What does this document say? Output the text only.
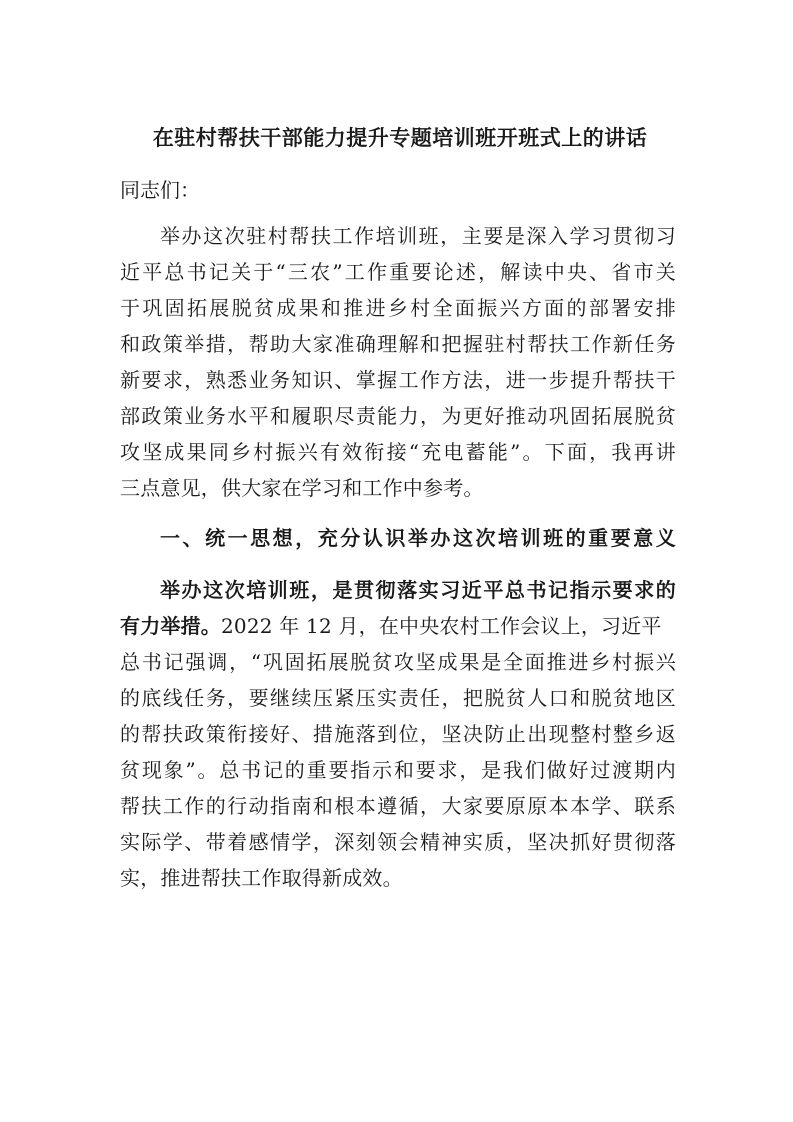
在驻村帮扶干部能力提升专题培训班开班式上的讲话
同志们：
举办这次驻村帮扶工作培训班，主要是深入学习贯彻习
近平总书记关于“三农”工作重要论述，解读中央、省市关
于巩固拓展脱贫成果和推进乡村全面振兴方面的部署安排
和政策举措，帮助大家准确理解和把握驻村帮扶工作新任务
新要求，熟悉业务知识、掌握工作方法，进一步提升帮扶干
部政策业务水平和履职尽责能力，为更好推动巩固拓展脱贫
攻坚成果同乡村振兴有效衔接“充电蓄能”。下面，我再讲
三点意见，供大家在学习和工作中参考。
一、统一思想，充分认识举办这次培训班的重要意义
举办这次培训班，是贯彻落实习近平总书记指示要求的
有力举措。2022 年 12 月，在中央农村工作会议上，习近平
总书记强调，“巩固拓展脱贫攻坚成果是全面推进乡村振兴
的底线任务，要继续压紧压实责任，把脱贫人口和脱贫地区
的帮扶政策衔接好、措施落到位，坚决防止出现整村整乡返
贫现象”。总书记的重要指示和要求，是我们做好过渡期内
帮扶工作的行动指南和根本遵循，大家要原原本本学、联系
实际学、带着感情学，深刻领会精神实质，坚决抓好贯彻落
实，推进帮扶工作取得新成效。
